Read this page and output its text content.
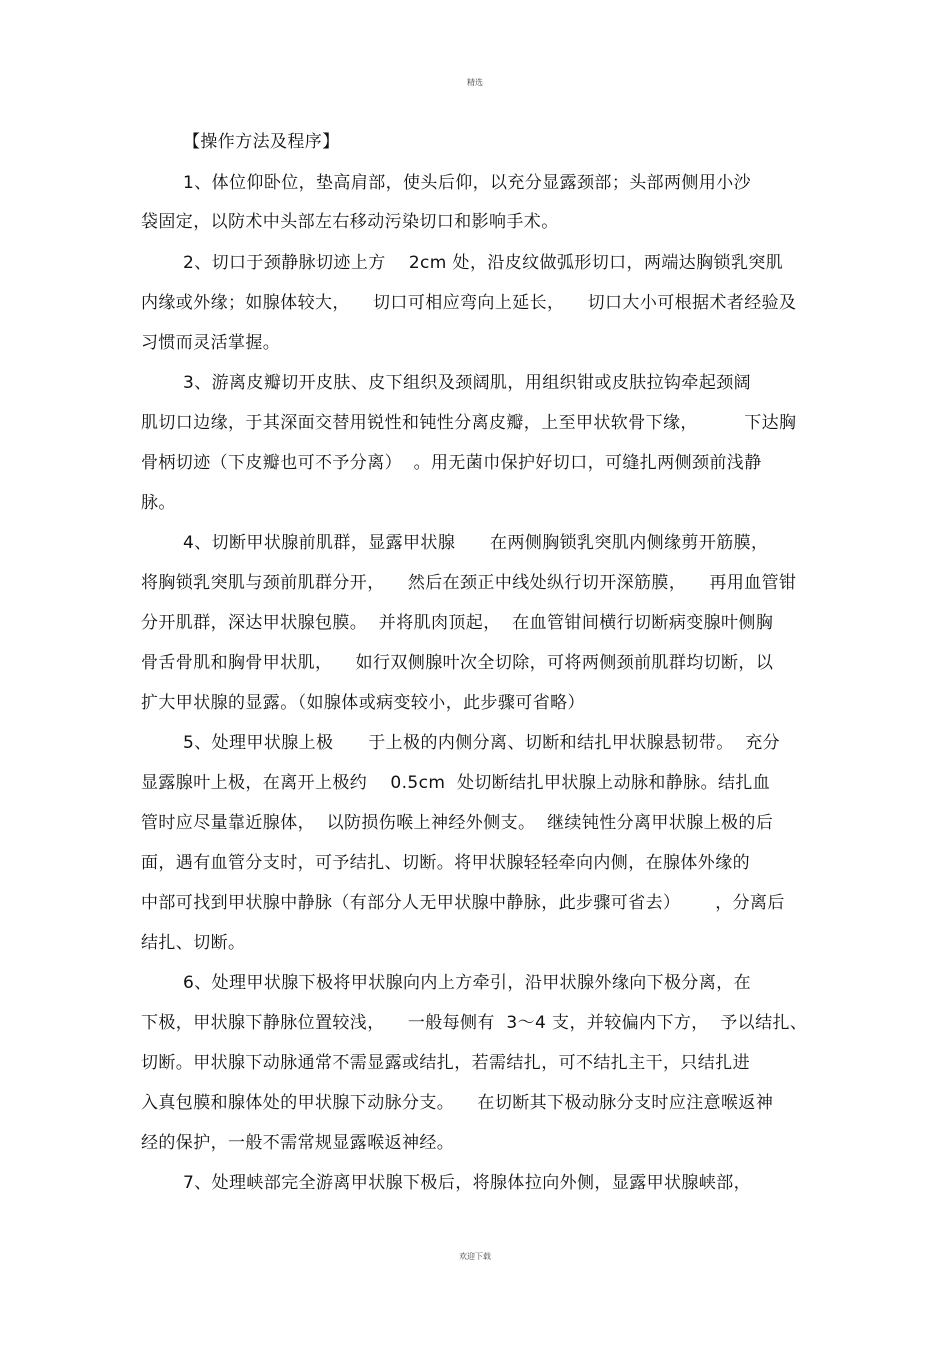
精选
【操作方法及程序】
1、体位仰卧位，垫高肩部，使头后仰，以充分显露颈部；头部两侧用小沙
袋固定，以防术中头部左右移动污染切口和影响手术。
2、切口于颈静脉切迹上方    2cm 处，沿皮纹做弧形切口，两端达胸锁乳突肌
内缘或外缘；如腺体较大，    切口可相应弯向上延长，    切口大小可根据术者经验及
习惯而灵活掌握。
3、游离皮瓣切开皮肤、皮下组织及颈阔肌，用组织钳或皮肤拉钩牵起颈阔
肌切口边缘，于其深面交替用锐性和钝性分离皮瓣，上至甲状软骨下缘，        下达胸
骨柄切迹（下皮瓣也可不予分离）  。用无菌巾保护好切口，可缝扎两侧颈前浅静
脉。
4、切断甲状腺前肌群，显露甲状腺      在两侧胸锁乳突肌内侧缘剪开筋膜，
将胸锁乳突肌与颈前肌群分开，    然后在颈正中线处纵行切开深筋膜，    再用血管钳
分开肌群，深达甲状腺包膜。  并将肌肉顶起，  在血管钳间横行切断病变腺叶侧胸
骨舌骨肌和胸骨甲状肌，    如行双侧腺叶次全切除，可将两侧颈前肌群均切断，以
扩大甲状腺的显露。（如腺体或病变较小，此步骤可省略）
5、处理甲状腺上极      于上极的内侧分离、切断和结扎甲状腺悬韧带。  充分
显露腺叶上极，在离开上极约    0.5cm  处切断结扎甲状腺上动脉和静脉。结扎血
管时应尽量靠近腺体，  以防损伤喉上神经外侧支。  继续钝性分离甲状腺上极的后
面，遇有血管分支时，可予结扎、切断。将甲状腺轻轻牵向内侧，在腺体外缘的
中部可找到甲状腺中静脉（有部分人无甲状腺中静脉，此步骤可省去）      ，分离后
结扎、切断。
6、处理甲状腺下极将甲状腺向内上方牵引，沿甲状腺外缘向下极分离，在
下极，甲状腺下静脉位置较浅，    一般每侧有  3～4 支，并较偏内下方，  予以结扎、
切断。甲状腺下动脉通常不需显露或结扎，若需结扎，可不结扎主干，只结扎进
入真包膜和腺体处的甲状腺下动脉分支。    在切断其下极动脉分支时应注意喉返神
经的保护，一般不需常规显露喉返神经。
7、处理峡部完全游离甲状腺下极后，将腺体拉向外侧，显露甲状腺峡部，
欢迎下载
